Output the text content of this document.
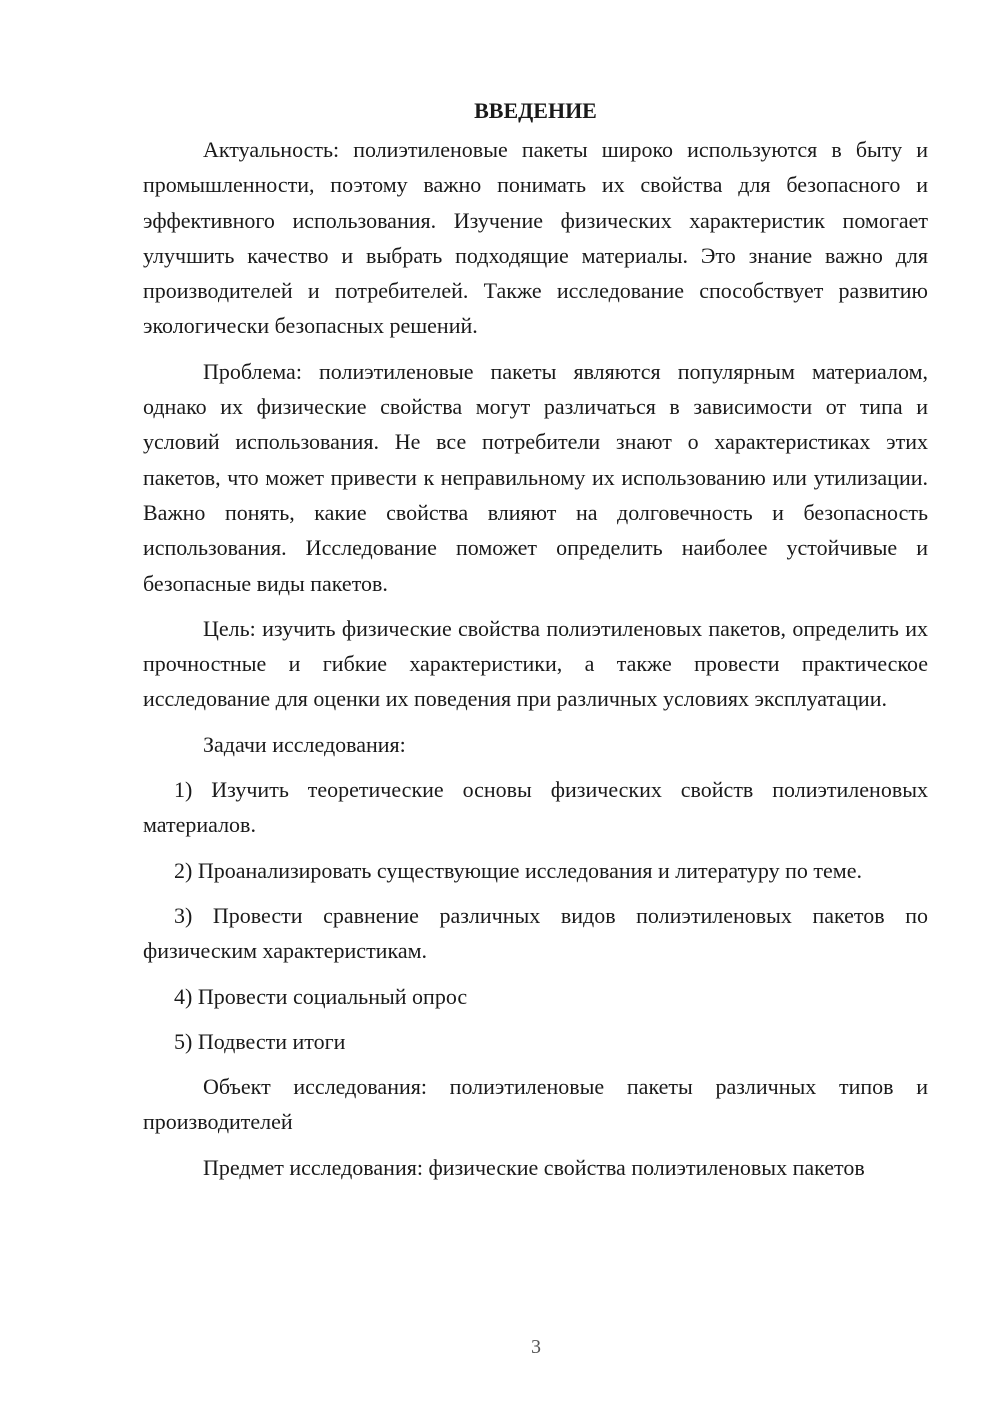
ВВЕДЕНИЕ

Актуальность: полиэтиленовые пакеты широко используются в быту и промышленности, поэтому важно понимать их свойства для безопасного и эффективного использования. Изучение физических характеристик помогает улучшить качество и выбрать подходящие материалы. Это знание важно для производителей и потребителей. Также исследование способствует развитию экологически безопасных решений.

Проблема: полиэтиленовые пакеты являются популярным материалом, однако их физические свойства могут различаться в зависимости от типа и условий использования. Не все потребители знают о характеристиках этих пакетов, что может привести к неправильному их использованию или утилизации. Важно понять, какие свойства влияют на долговечность и безопасность использования. Исследование поможет определить наиболее устойчивые и безопасные виды пакетов.

Цель: изучить физические свойства полиэтиленовых пакетов, определить их прочностные и гибкие характеристики, а также провести практическое исследование для оценки их поведения при различных условиях эксплуатации.

Задачи исследования:

1) Изучить теоретические основы физических свойств полиэтиленовых материалов.

2) Проанализировать существующие исследования и литературу по теме.

3) Провести сравнение различных видов полиэтиленовых пакетов по физическим характеристикам.

4) Провести социальный опрос

5) Подвести итоги

Объект исследования: полиэтиленовые пакеты различных типов и производителей

Предмет исследования: физические свойства полиэтиленовых пакетов

3
